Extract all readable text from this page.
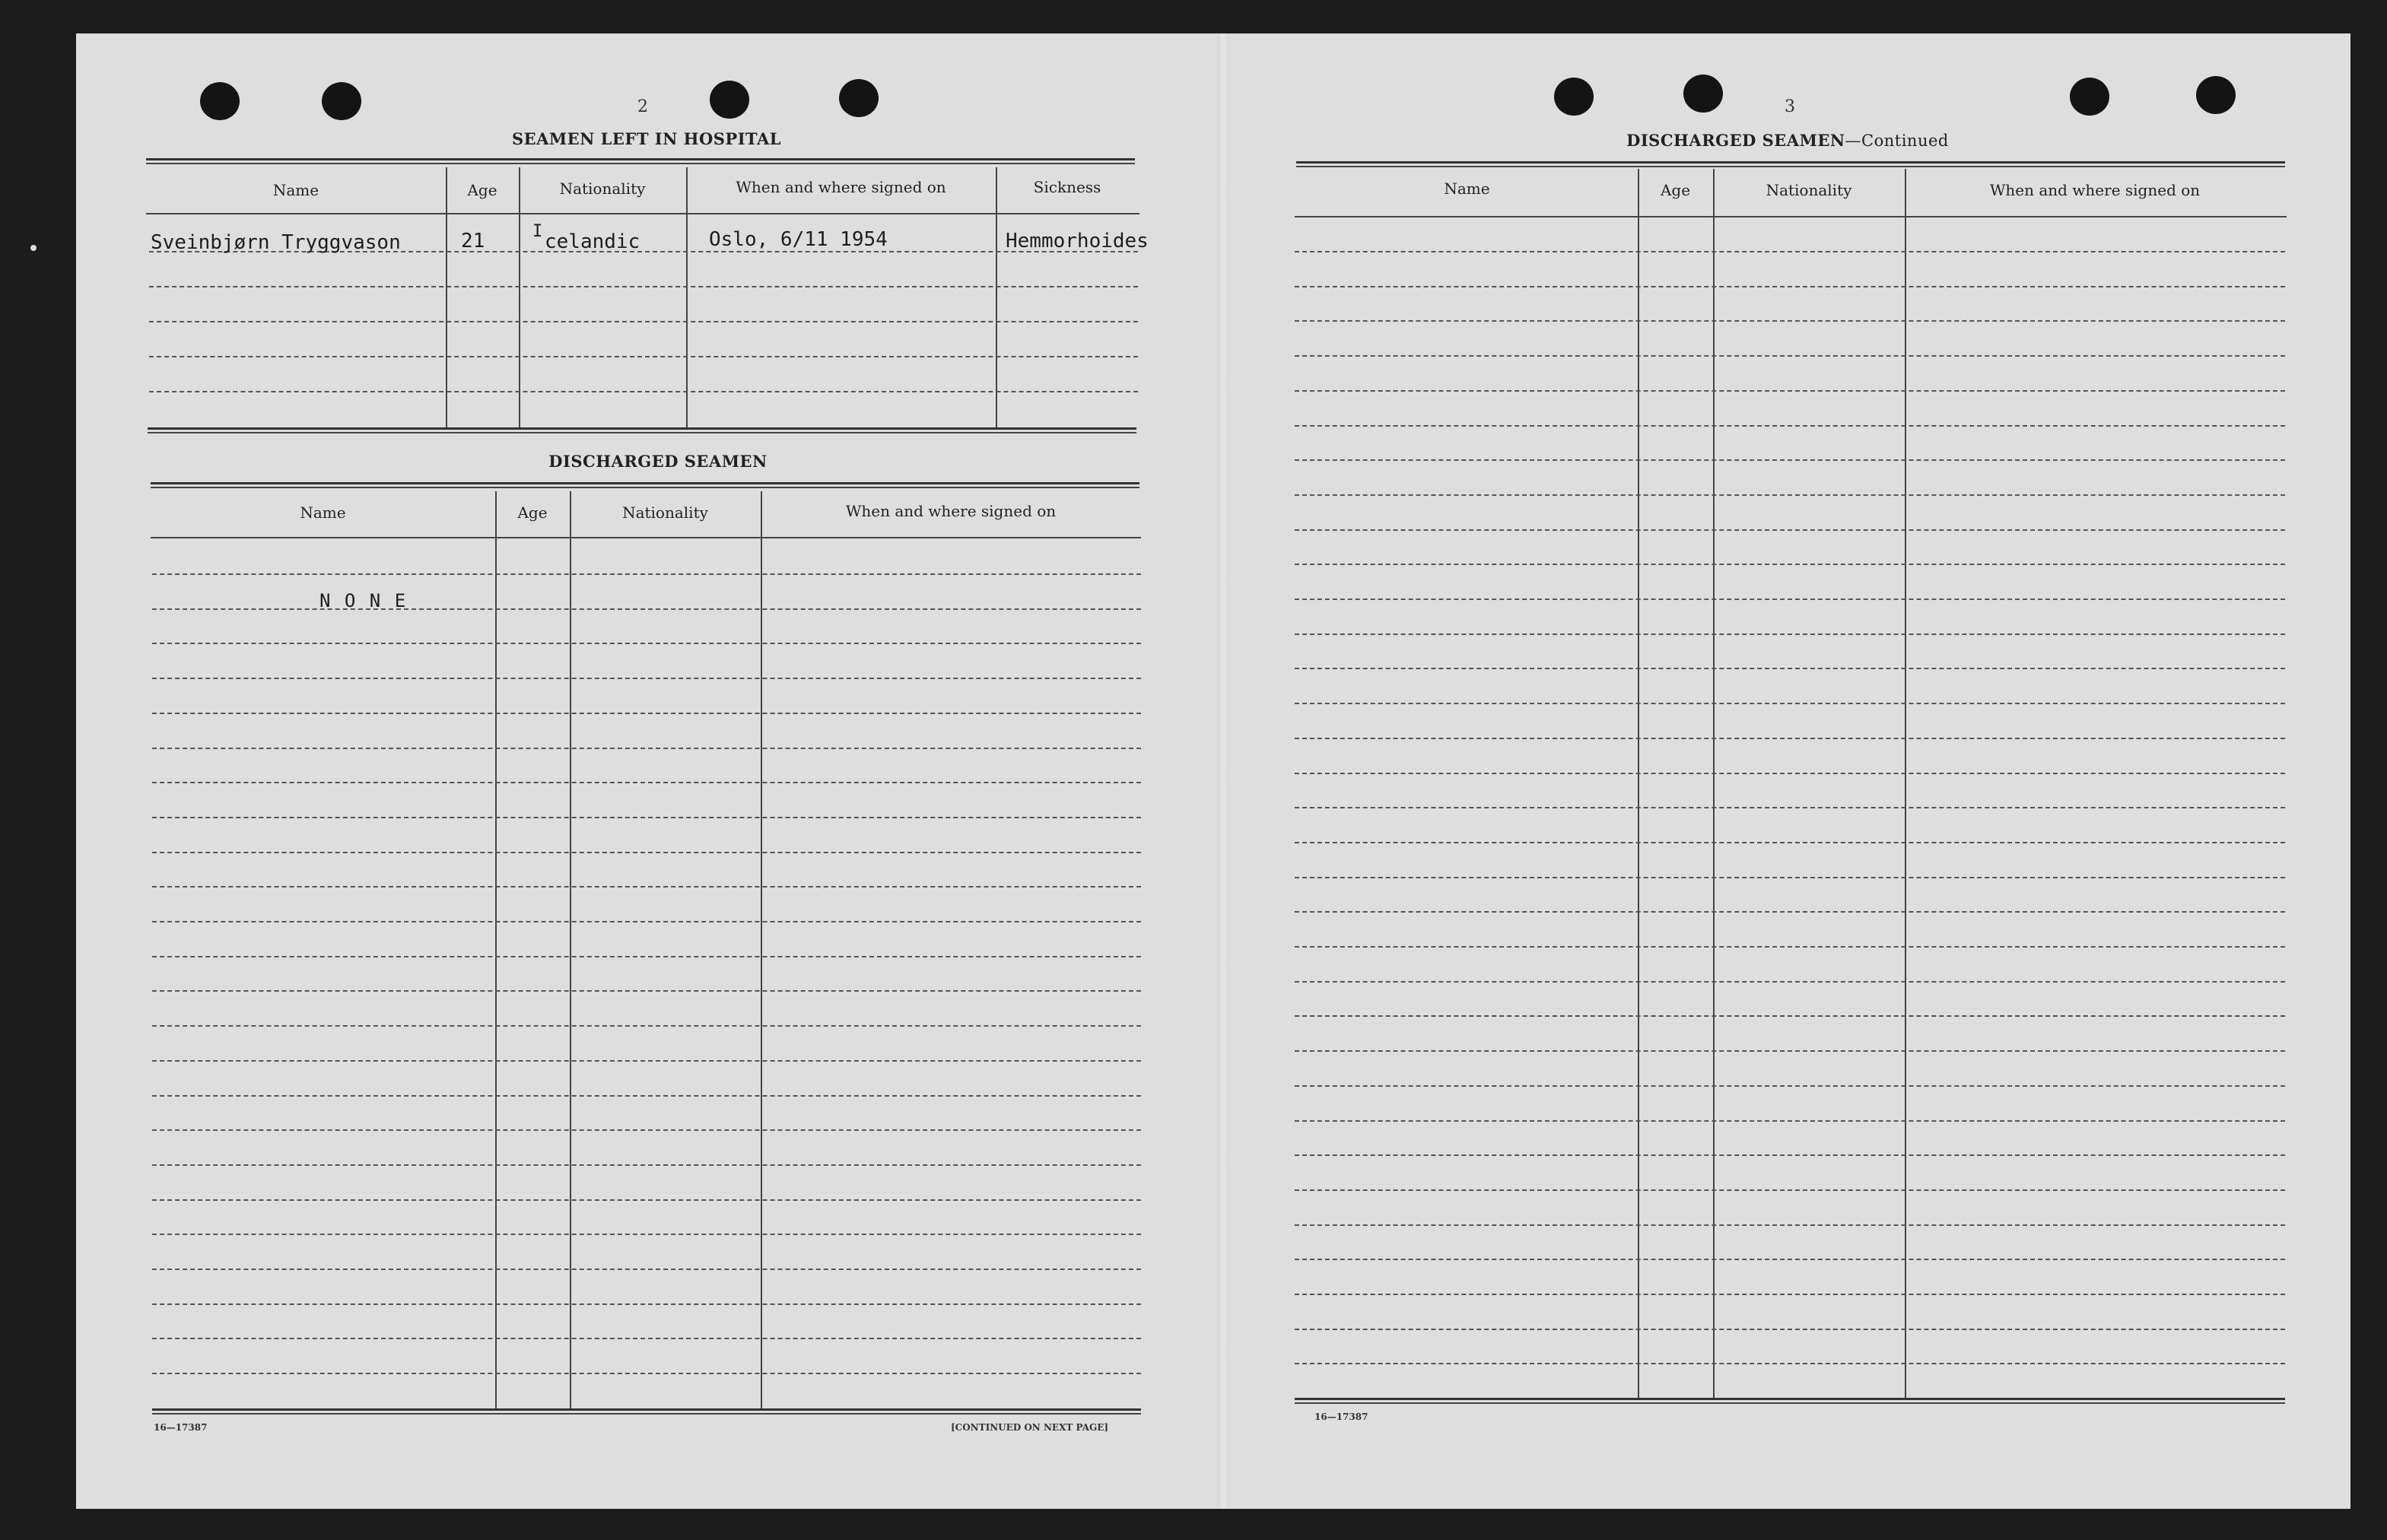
2
SEAMEN LEFT IN HOSPITAL
Name	Age	Nationality	When and where signed on	Sickness
Sveinbjørn Tryggvason	21	I celandic	Oslo, 6/11 1954	Hemmorhoides
DISCHARGED SEAMEN
Name	Age	Nationality	When and where signed on
N O N E
16—17387	[CONTINUED ON NEXT PAGE]
3
DISCHARGED SEAMEN—Continued
Name	Age	Nationality	When and where signed on
16—17387
